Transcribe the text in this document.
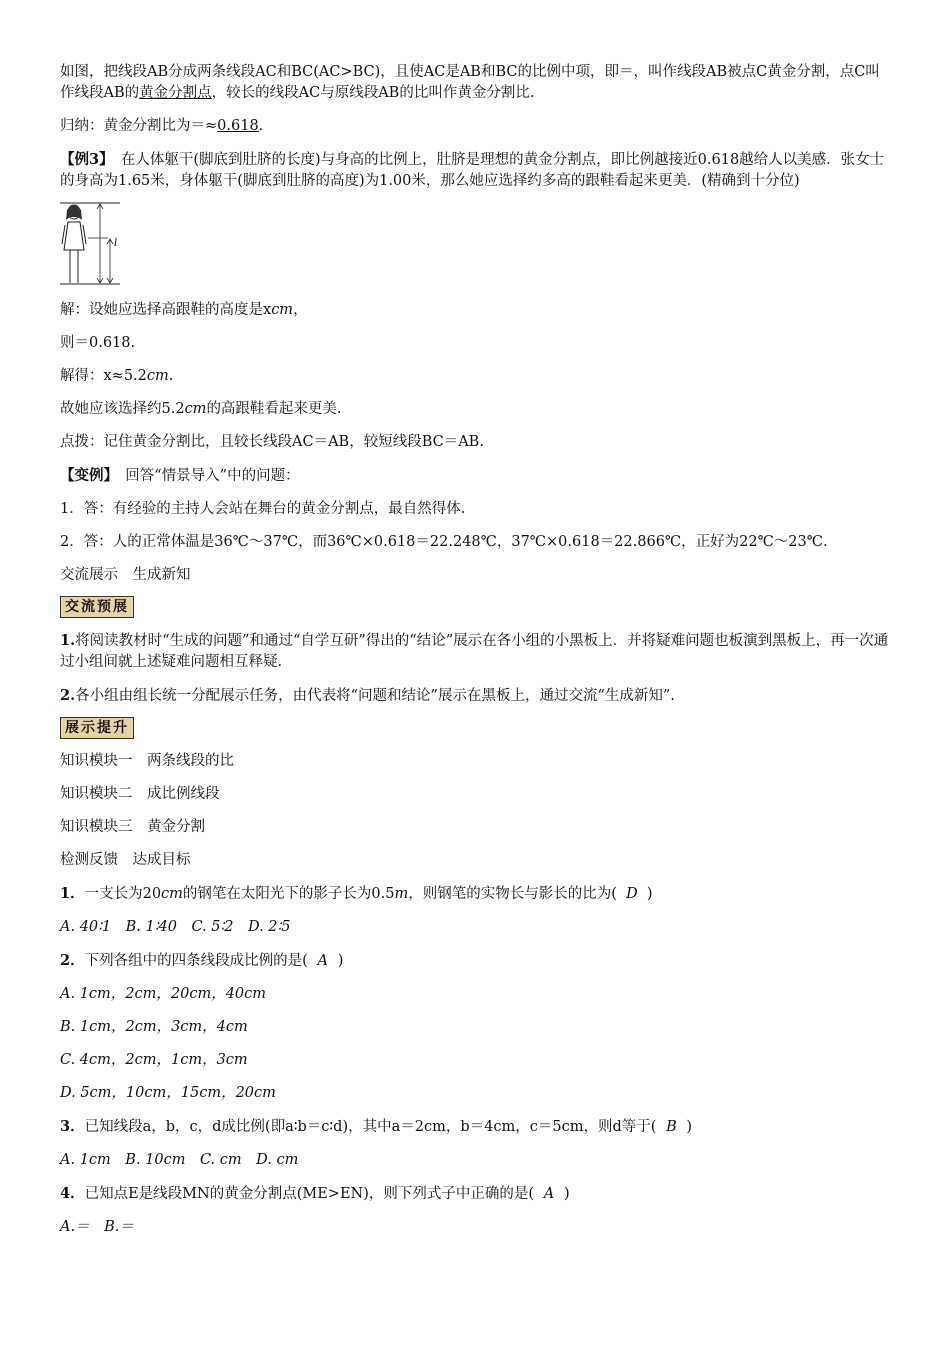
如图，把线段AB分成两条线段AC和BC(AC>BC)，且使AC是AB和BC的比例中项，即＝，叫作线段AB被点C黄金分割，点C叫作线段AB的黄金分割点，较长的线段AC与原线段AB的比叫作黄金分割比.

归纳：黄金分割比为＝≈0.618.

【例3】　在人体躯干(脚底到肚脐的长度)与身高的比例上，肚脐是理想的黄金分割点，即比例越接近0.618越给人以美感．张女士的身高为1.65米，身体躯干(脚底到肚脐的高度)为1.00米，那么她应选择约多高的跟鞋看起来更美．(精确到十分位)

l

解：设她应选择高跟鞋的高度是xcm，

则＝0.618.

解得：x≈5.2cm.

故她应该选择约5.2cm的高跟鞋看起来更美.

点拨：记住黄金分割比，且较长线段AC＝AB，较短线段BC＝AB.

【变例】　回答“情景导入”中的问题：

1．答：有经验的主持人会站在舞台的黄金分割点，最自然得体.

2．答：人的正常体温是36℃～37℃，而36℃×0.618＝22.248℃，37℃×0.618＝22.866℃，正好为22℃～23℃.

交流展示　生成新知

交流预展

1.将阅读教材时“生成的问题”和通过“自学互研”得出的“结论”展示在各小组的小黑板上．并将疑难问题也板演到黑板上，再一次通过小组间就上述疑难问题相互释疑.

2.各小组由组长统一分配展示任务，由代表将“问题和结论”展示在黑板上，通过交流“生成新知”.

展示提升

知识模块一　两条线段的比

知识模块二　成比例线段

知识模块三　黄金分割

检测反馈　达成目标

1．一支长为20cm的钢笔在太阳光下的影子长为0.5m，则钢笔的实物长与影长的比为( D )

A. 40∶1　B. 1∶40　C. 5∶2　D. 2∶5

2．下列各组中的四条线段成比例的是( A )

A. 1cm，2cm，20cm，40cm

B. 1cm，2cm，3cm，4cm

C. 4cm，2cm，1cm，3cm

D. 5cm，10cm，15cm，20cm

3．已知线段a，b，c，d成比例(即a∶b＝c∶d)，其中a＝2cm，b＝4cm，c＝5cm，则d等于( B )

A. 1cm　B. 10cm　C. cm　D. cm

4．已知点E是线段MN的黄金分割点(ME>EN)，则下列式子中正确的是( A )

A.＝　B.＝
